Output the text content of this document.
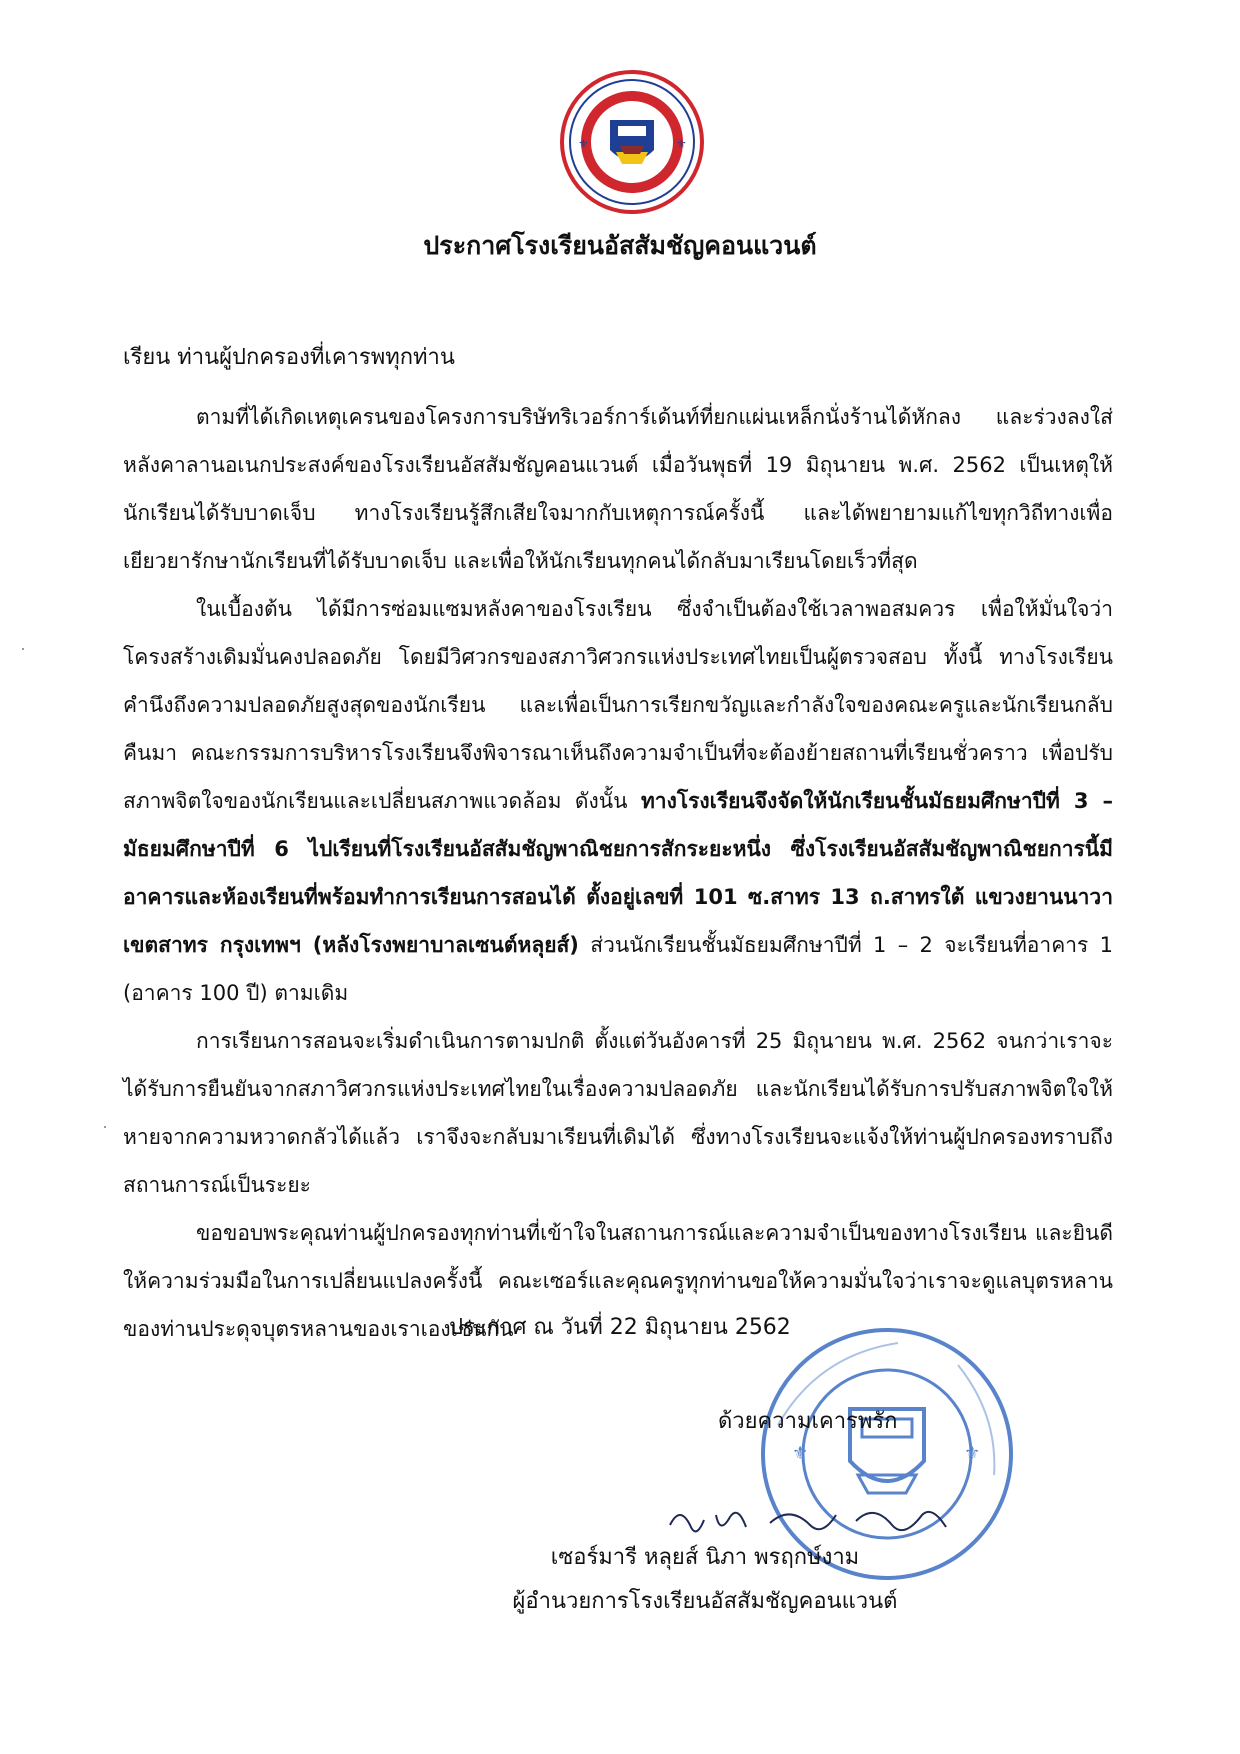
⚜	⚜
ประกาศโรงเรียนอัสสัมชัญคอนแวนต์
เรียน ท่านผู้ปกครองที่เคารพทุกท่าน

ตามที่ได้เกิดเหตุเครนของโครงการบริษัทริเวอร์การ์เด้นท์ที่ยกแผ่นเหล็กนั่งร้านได้หักลง และร่วงลงใส่หลังคาลานอเนกประสงค์ของโรงเรียนอัสสัมชัญคอนแวนต์ เมื่อวันพุธที่ 19 มิถุนายน พ.ศ. 2562 เป็นเหตุให้นักเรียนได้รับบาดเจ็บ ทางโรงเรียนรู้สึกเสียใจมากกับเหตุการณ์ครั้งนี้ และได้พยายามแก้ไขทุกวิถีทางเพื่อเยียวยารักษานักเรียนที่ได้รับบาดเจ็บ และเพื่อให้นักเรียนทุกคนได้กลับมาเรียนโดยเร็วที่สุด

ในเบื้องต้น ได้มีการซ่อมแซมหลังคาของโรงเรียน ซึ่งจำเป็นต้องใช้เวลาพอสมควร เพื่อให้มั่นใจว่าโครงสร้างเดิมมั่นคงปลอดภัย โดยมีวิศวกรของสภาวิศวกรแห่งประเทศไทยเป็นผู้ตรวจสอบ ทั้งนี้ ทางโรงเรียนคำนึงถึงความปลอดภัยสูงสุดของนักเรียน และเพื่อเป็นการเรียกขวัญและกำลังใจของคณะครูและนักเรียนกลับคืนมา คณะกรรมการบริหารโรงเรียนจึงพิจารณาเห็นถึงความจำเป็นที่จะต้องย้ายสถานที่เรียนชั่วคราว เพื่อปรับสภาพจิตใจของนักเรียนและเปลี่ยนสภาพแวดล้อม ดังนั้น ทางโรงเรียนจึงจัดให้นักเรียนชั้นมัธยมศึกษาปีที่ 3 – มัธยมศึกษาปีที่ 6 ไปเรียนที่โรงเรียนอัสสัมชัญพาณิชยการสักระยะหนึ่ง ซึ่งโรงเรียนอัสสัมชัญพาณิชยการนี้มีอาคารและห้องเรียนที่พร้อมทำการเรียนการสอนได้ ตั้งอยู่เลขที่ 101 ซ.สาทร 13 ถ.สาทรใต้ แขวงยานนาวา เขตสาทร กรุงเทพฯ (หลังโรงพยาบาลเซนต์หลุยส์) ส่วนนักเรียนชั้นมัธยมศึกษาปีที่ 1 – 2 จะเรียนที่อาคาร 1 (อาคาร 100 ปี) ตามเดิม

การเรียนการสอนจะเริ่มดำเนินการตามปกติ ตั้งแต่วันอังคารที่ 25 มิถุนายน พ.ศ. 2562 จนกว่าเราจะได้รับการยืนยันจากสภาวิศวกรแห่งประเทศไทยในเรื่องความปลอดภัย และนักเรียนได้รับการปรับสภาพจิตใจให้หายจากความหวาดกลัวได้แล้ว เราจึงจะกลับมาเรียนที่เดิมได้ ซึ่งทางโรงเรียนจะแจ้งให้ท่านผู้ปกครองทราบถึงสถานการณ์เป็นระยะ

ขอขอบพระคุณท่านผู้ปกครองทุกท่านที่เข้าใจในสถานการณ์และความจำเป็นของทางโรงเรียน และยินดีให้ความร่วมมือในการเปลี่ยนแปลงครั้งนี้ คณะเซอร์และคุณครูทุกท่านขอให้ความมั่นใจว่าเราจะดูแลบุตรหลานของท่านประดุจบุตรหลานของเราเองเช่นกัน

ประกาศ ณ วันที่ 22 มิถุนายน 2562
⚜	⚜
ด้วยความเคารพรัก
เซอร์มารี หลุยส์ นิภา พรฤกษ์งาม
ผู้อำนวยการโรงเรียนอัสสัมชัญคอนแวนต์
